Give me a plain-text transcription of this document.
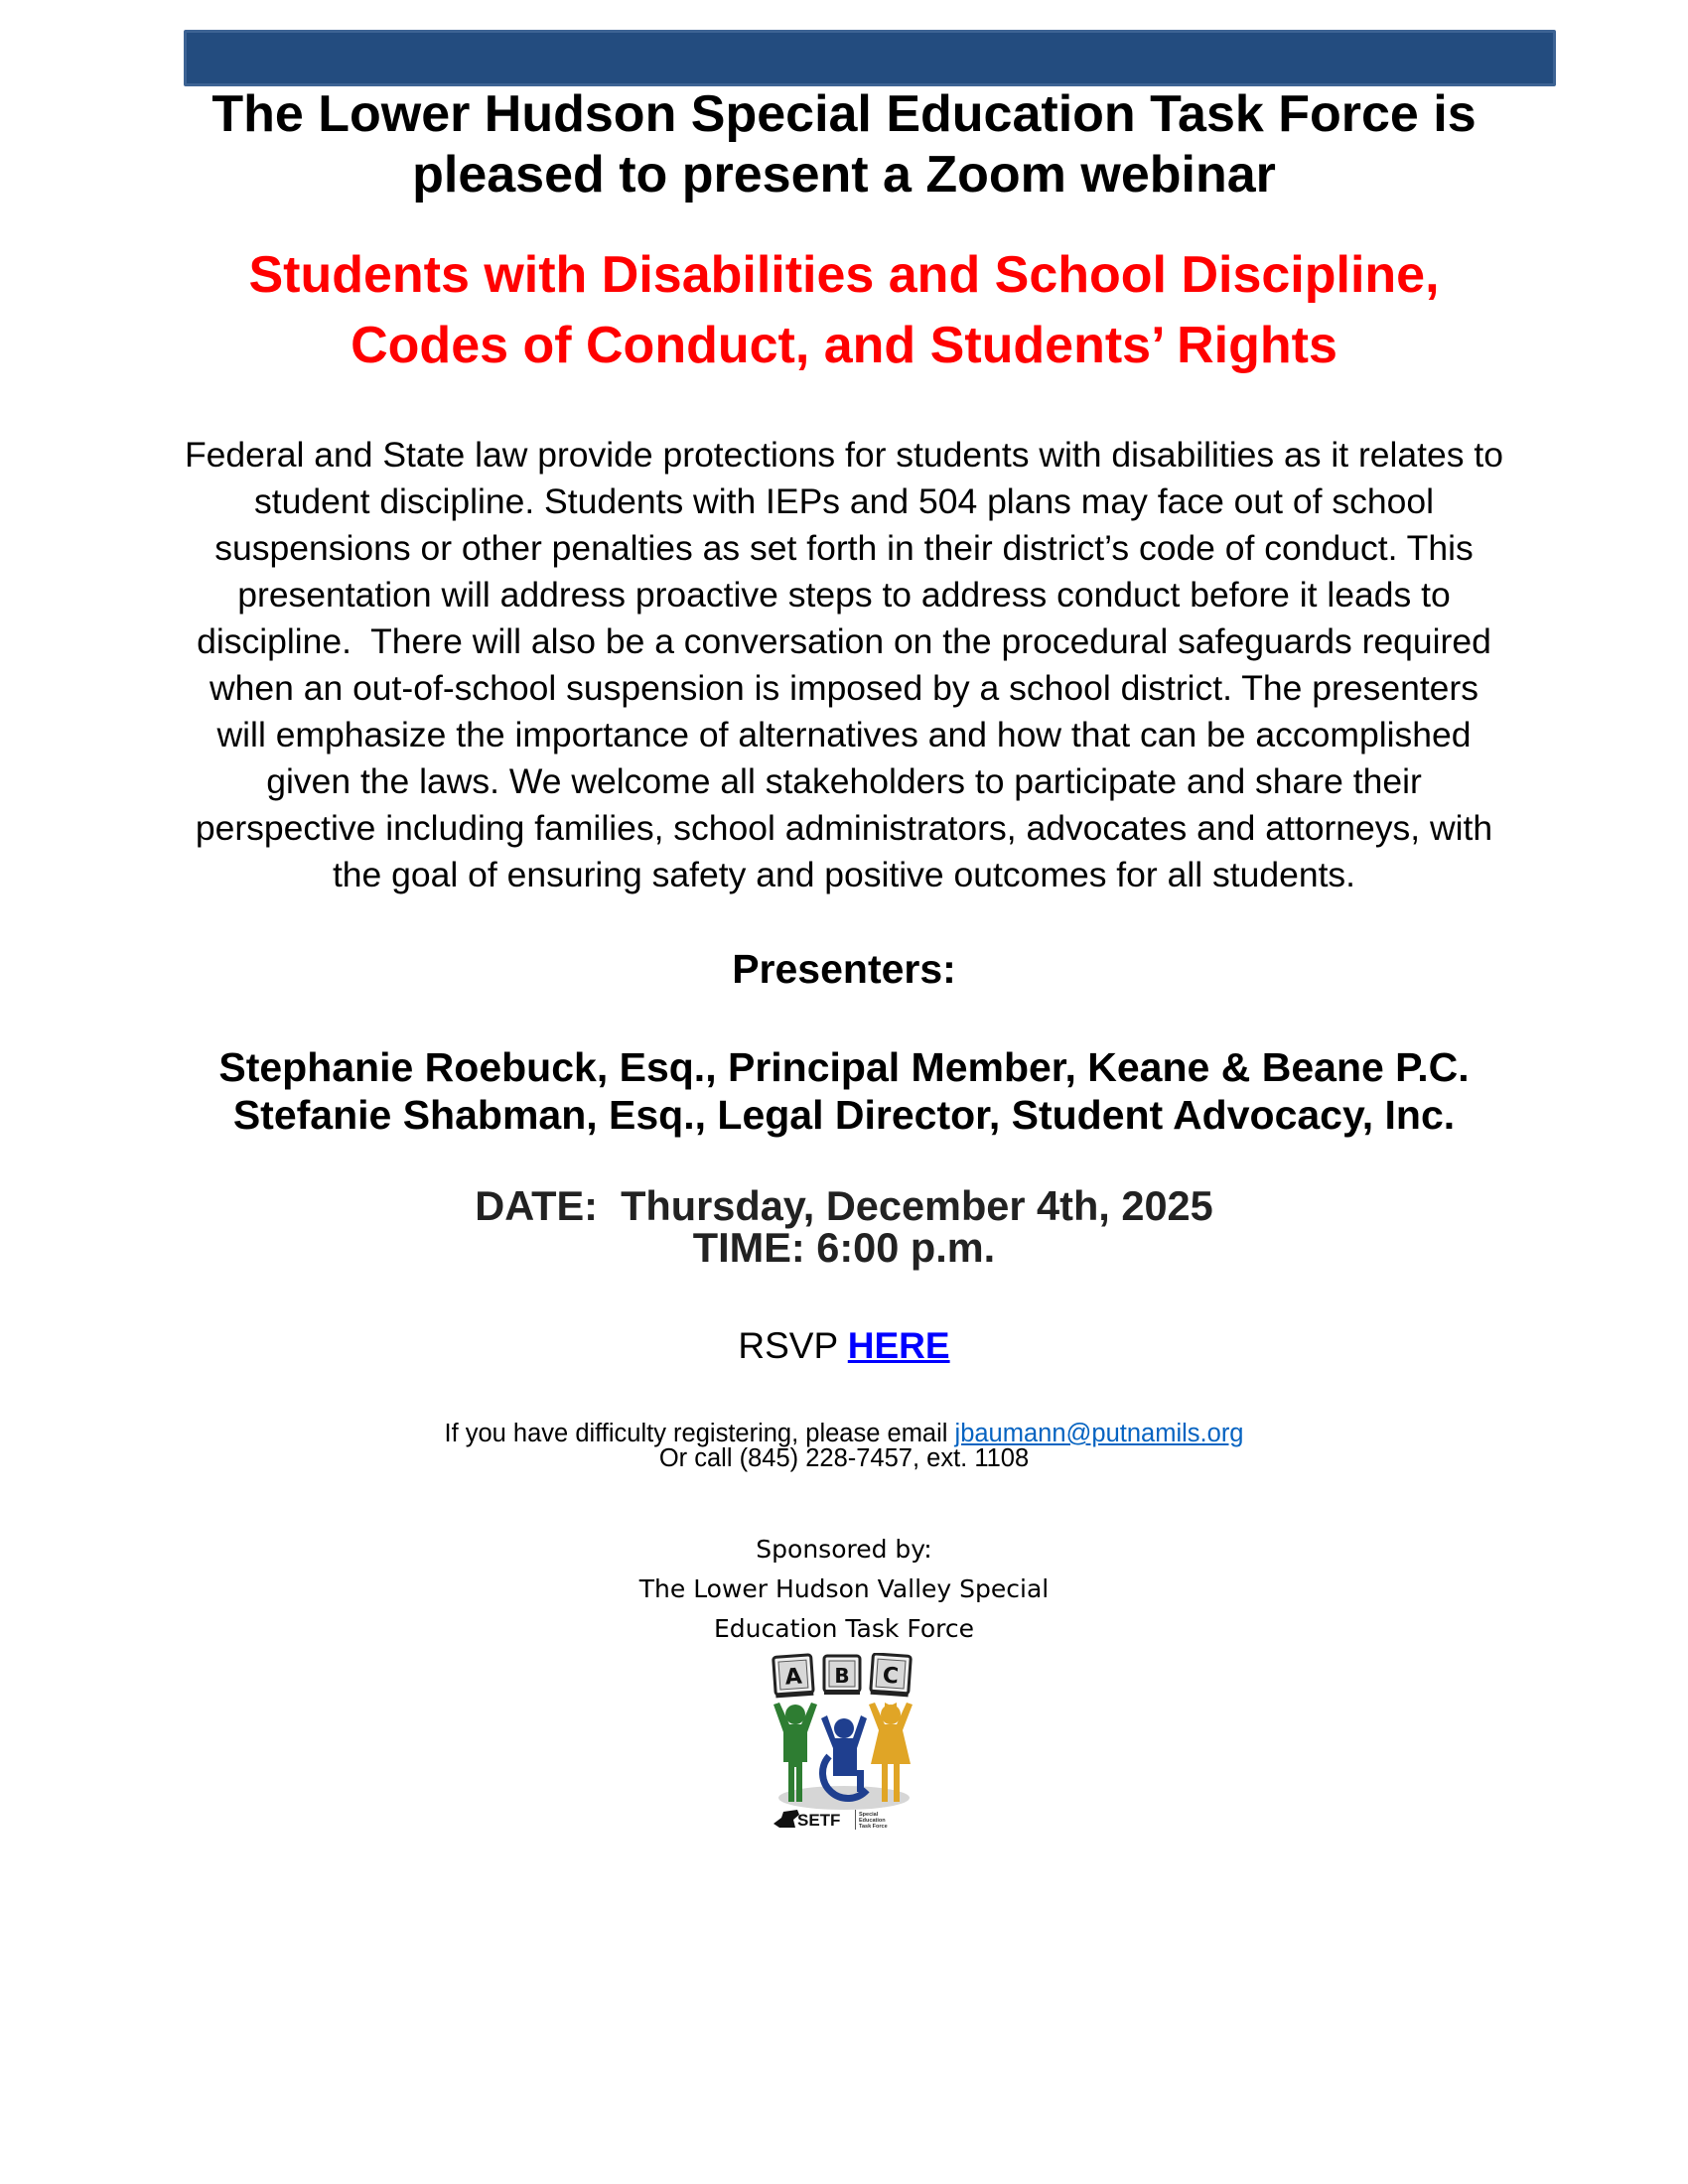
The Lower Hudson Special Education Task Force is
pleased to present a Zoom webinar
Students with Disabilities and School Discipline,
Codes of Conduct, and Students’ Rights
Federal and State law provide protections for students with disabilities as it relates to
student discipline. Students with IEPs and 504 plans may face out of school
suspensions or other penalties as set forth in their district’s code of conduct. This
presentation will address proactive steps to address conduct before it leads to
discipline.  There will also be a conversation on the procedural safeguards required
when an out-of-school suspension is imposed by a school district. The presenters
will emphasize the importance of alternatives and how that can be accomplished
given the laws. We welcome all stakeholders to participate and share their
perspective including families, school administrators, advocates and attorneys, with
the goal of ensuring safety and positive outcomes for all students.
Presenters:
Stephanie Roebuck, Esq., Principal Member, Keane & Beane P.C.
Stefanie Shabman, Esq., Legal Director, Student Advocacy, Inc.
DATE:  Thursday, December 4th, 2025
TIME: 6:00 p.m.
RSVP HERE
If you have difficulty registering, please email jbaumann@putnamils.org
Or call (845) 228-7457, ext. 1108
Sponsored by:
The Lower Hudson Valley Special
Education Task Force
A B C
SETF	Special
Education
Task Force
